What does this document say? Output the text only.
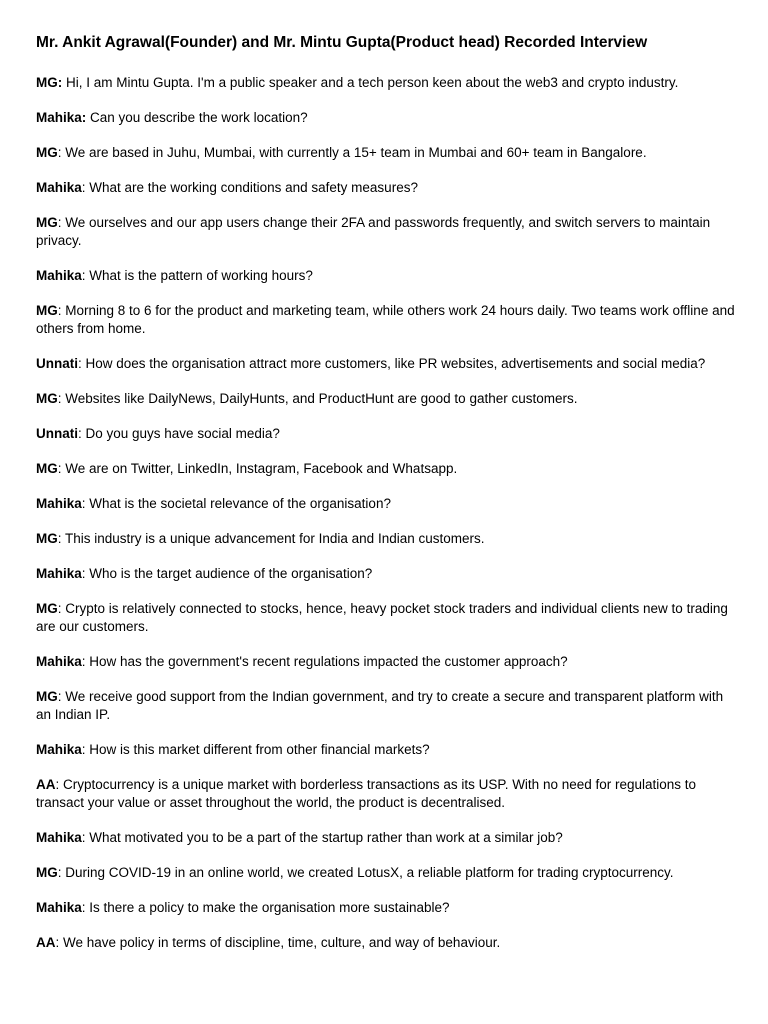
Mr. Ankit Agrawal(Founder) and Mr. Mintu Gupta(Product head) Recorded Interview

MG: Hi, I am Mintu Gupta. I'm a public speaker and a tech person keen about the web3 and crypto industry.

Mahika: Can you describe the work location?

MG: We are based in Juhu, Mumbai, with currently a 15+ team in Mumbai and 60+ team in Bangalore.

Mahika: What are the working conditions and safety measures?

MG: We ourselves and our app users change their 2FA and passwords frequently, and switch servers to maintain privacy.

Mahika: What is the pattern of working hours?

MG: Morning 8 to 6 for the product and marketing team, while others work 24 hours daily. Two teams work offline and others from home.

Unnati: How does the organisation attract more customers, like PR websites, advertisements and social media?

MG: Websites like DailyNews, DailyHunts, and ProductHunt are good to gather customers.

Unnati: Do you guys have social media?

MG: We are on Twitter, LinkedIn, Instagram, Facebook and Whatsapp.

Mahika: What is the societal relevance of the organisation?

MG: This industry is a unique advancement for India and Indian customers.

Mahika: Who is the target audience of the organisation?

MG: Crypto is relatively connected to stocks, hence, heavy pocket stock traders and individual clients new to trading are our customers.

Mahika: How has the government's recent regulations impacted the customer approach?

MG: We receive good support from the Indian government, and try to create a secure and transparent platform with an Indian IP.

Mahika: How is this market different from other financial markets?

AA: Cryptocurrency is a unique market with borderless transactions as its USP. With no need for regulations to transact your value or asset throughout the world, the product is decentralised.

Mahika: What motivated you to be a part of the startup rather than work at a similar job?

MG: During COVID-19 in an online world, we created LotusX, a reliable platform for trading cryptocurrency.

Mahika: Is there a policy to make the organisation more sustainable?

AA: We have policy in terms of discipline, time, culture, and way of behaviour.
